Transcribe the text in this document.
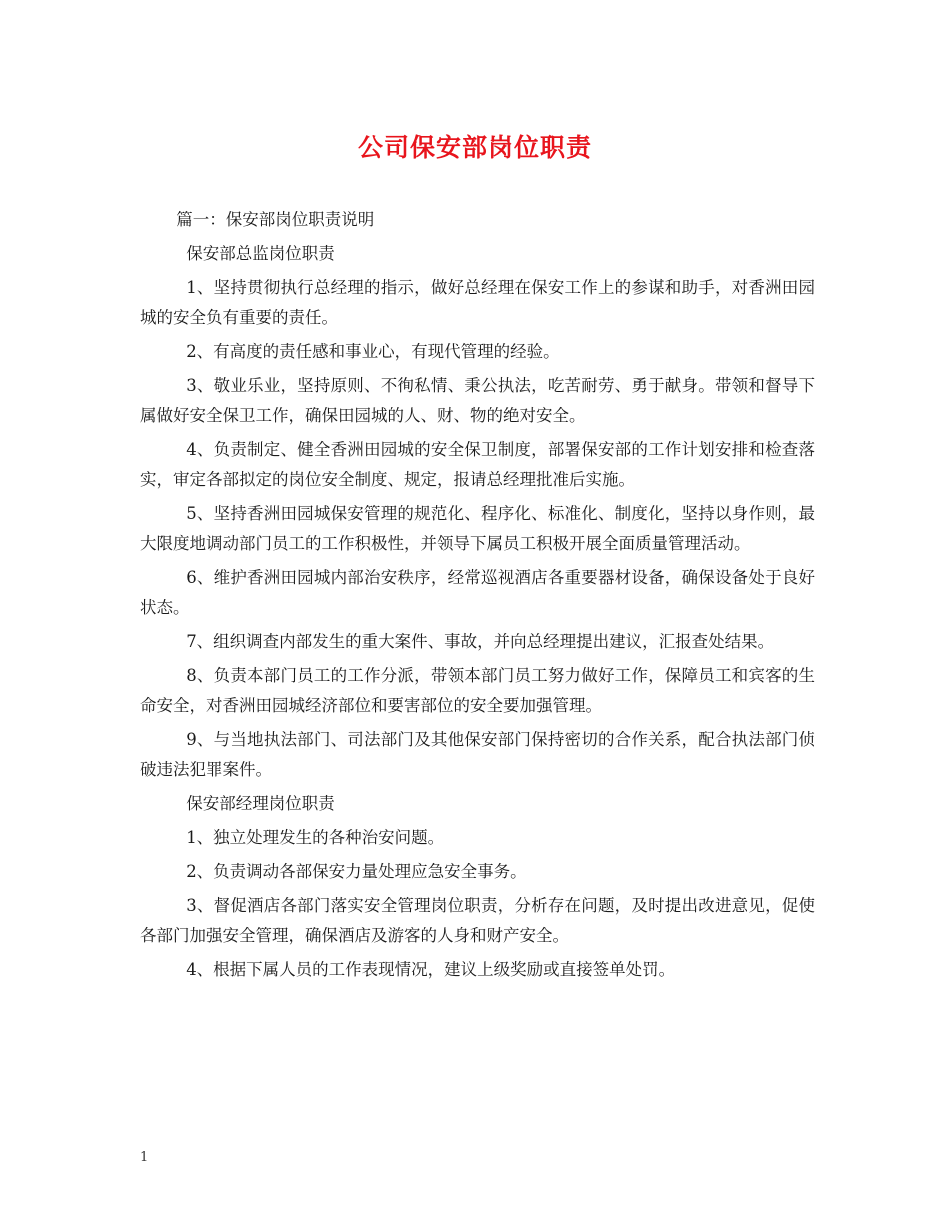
公司保安部岗位职责

篇一：保安部岗位职责说明

保安部总监岗位职责

1、坚持贯彻执行总经理的指示，做好总经理在保安工作上的参谋和助手，对香洲田园城的安全负有重要的责任。

2、有高度的责任感和事业心，有现代管理的经验。

3、敬业乐业，坚持原则、不徇私情、秉公执法，吃苦耐劳、勇于献身。带领和督导下属做好安全保卫工作，确保田园城的人、财、物的绝对安全。

4、负责制定、健全香洲田园城的安全保卫制度，部署保安部的工作计划安排和检查落实，审定各部拟定的岗位安全制度、规定，报请总经理批准后实施。

5、坚持香洲田园城保安管理的规范化、程序化、标准化、制度化，坚持以身作则，最大限度地调动部门员工的工作积极性，并领导下属员工积极开展全面质量管理活动。

6、维护香洲田园城内部治安秩序，经常巡视酒店各重要器材设备，确保设备处于良好状态。

7、组织调查内部发生的重大案件、事故，并向总经理提出建议，汇报查处结果。

8、负责本部门员工的工作分派，带领本部门员工努力做好工作，保障员工和宾客的生命安全，对香洲田园城经济部位和要害部位的安全要加强管理。

9、与当地执法部门、司法部门及其他保安部门保持密切的合作关系，配合执法部门侦破违法犯罪案件。

保安部经理岗位职责

1、独立处理发生的各种治安问题。

2、负责调动各部保安力量处理应急安全事务。

3、督促酒店各部门落实安全管理岗位职责，分析存在问题，及时提出改进意见，促使各部门加强安全管理，确保酒店及游客的人身和财产安全。

4、根据下属人员的工作表现情况，建议上级奖励或直接签单处罚。

1
